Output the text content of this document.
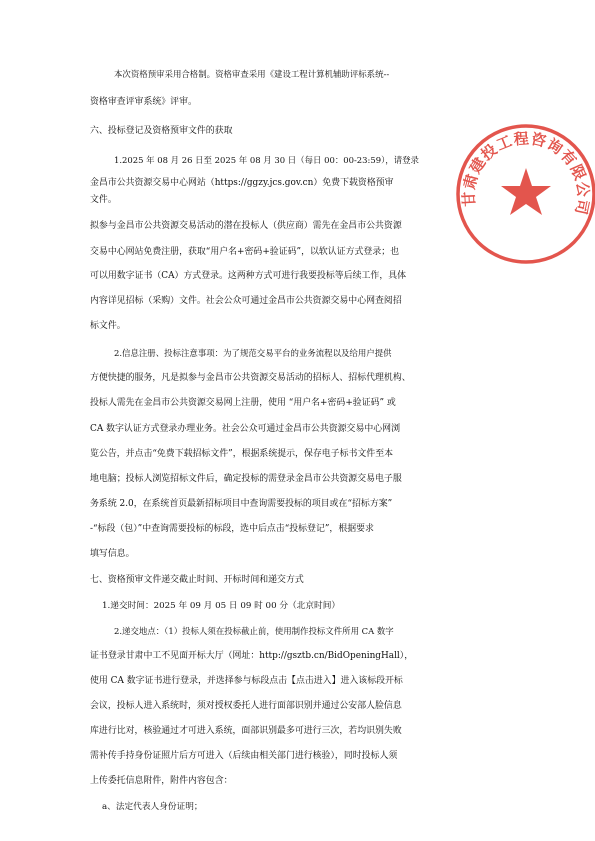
甘肃建投工程咨询有限公司
本次资格预审采用合格制。资格审查采用《建设工程计算机辅助评标系统--
资格审查评审系统》评审。
六、投标登记及资格预审文件的获取
1.2025 年 08 月 26 日至 2025 年 08 月 30 日（每日 00：00-23:59），请登录
金昌市公共资源交易中心网站（https://ggzy.jcs.gov.cn）免费下载资格预审
文件。
拟参与金昌市公共资源交易活动的潜在投标人（供应商）需先在金昌市公共资源
交易中心网站免费注册，获取“用户名+密码+验证码”，以软认证方式登录；也
可以用数字证书（CA）方式登录。这两种方式可进行我要投标等后续工作，具体
内容详见招标（采购）文件。社会公众可通过金昌市公共资源交易中心网查阅招
标文件。
2.信息注册、投标注意事项：为了规范交易平台的业务流程以及给用户提供
方便快捷的服务，凡是拟参与金昌市公共资源交易活动的招标人、招标代理机构、
投标人需先在金昌市公共资源交易网上注册，使用 “用户名+密码+验证码” 或
CA 数字认证方式登录办理业务。社会公众可通过金昌市公共资源交易中心网浏
览公告，并点击“免费下载招标文件”，根据系统提示，保存电子标书文件至本
地电脑；投标人浏览招标文件后，确定投标的需登录金昌市公共资源交易电子服
务系统 2.0，在系统首页最新招标项目中查询需要投标的项目或在“招标方案”
-“标段（包）”中查询需要投标的标段，选中后点击“投标登记”，根据要求
填写信息。
七、资格预审文件递交截止时间、开标时间和递交方式
1.递交时间：2025 年 09 月 05 日 09 时 00 分（北京时间）
2.递交地点：（1）投标人须在投标截止前，使用制作投标文件所用 CA 数字
证书登录甘肃中工不见面开标大厅（网址：http://gsztb.cn/BidOpeningHall），
使用 CA 数字证书进行登录，并选择参与标段点击【点击进入】进入该标段开标
会议，投标人进入系统时，须对授权委托人进行面部识别并通过公安部人脸信息
库进行比对，核验通过才可进入系统，面部识别最多可进行三次，若均识别失败
需补传手持身份证照片后方可进入（后续由相关部门进行核验），同时投标人须
上传委托信息附件，附件内容包含：
a、法定代表人身份证明；
